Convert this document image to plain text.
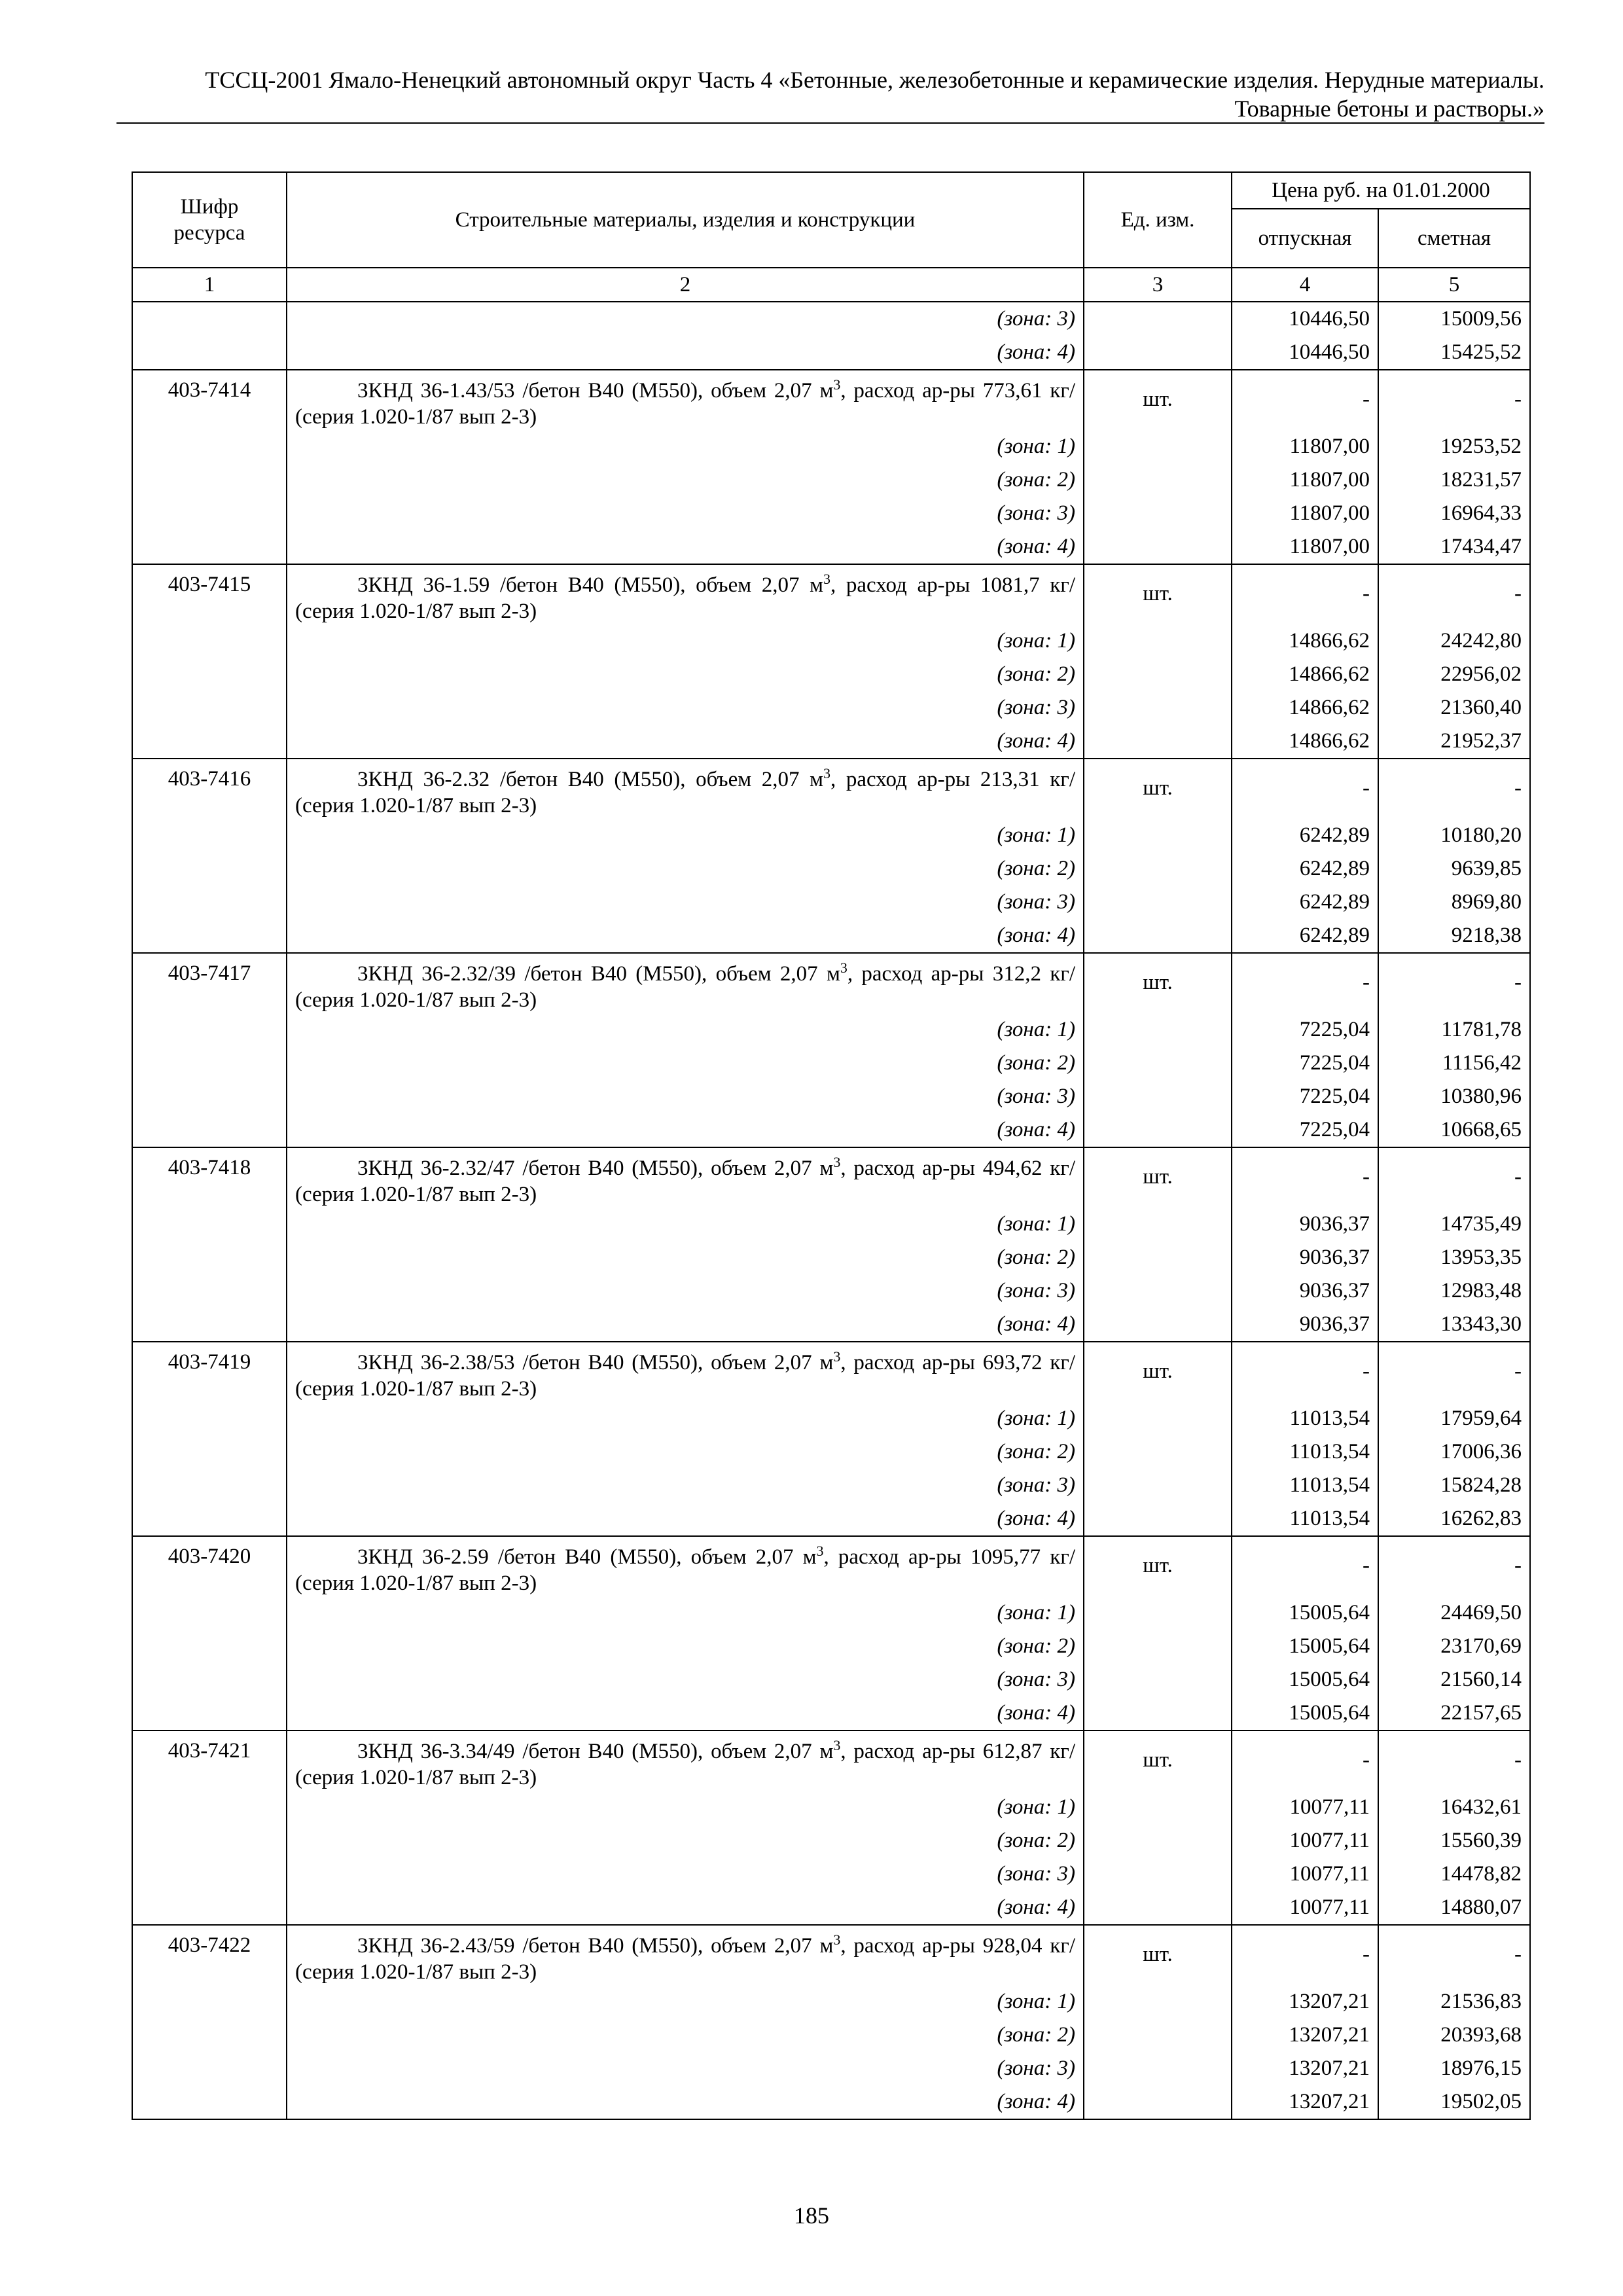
ТССЦ-2001 Ямало-Ненецкий автономный округ Часть 4 «Бетонные, железобетонные и керамические изделия. Нерудные материалы.
Товарные бетоны и растворы.»
Шифр ресурса	Строительные материалы, изделия и конструкции	Ед. изм.	Цена руб. на 01.01.2000	
			отпускная	сметная
1	2	3	4	5
	(зона: 3)		10446,50	15009,56
	(зона: 4)		10446,50	15425,52
403-7414	3КНД 36-1.43/53 /бетон В40 (М550), объем 2,07 $м^3$, расход ар-ры 773,61 кг/ (серия 1.020-1/87 вып 2-3)	шт.	-	-
	(зона: 1)		11807,00	19253,52
	(зона: 2)		11807,00	18231,57
	(зона: 3)		11807,00	16964,33
	(зона: 4)		11807,00	17434,47
403-7415	3КНД 36-1.59 /бетон В40 (М550), объем 2,07 $м^3$, расход ар-ры 1081,7 кг/ (серия 1.020-1/87 вып 2-3)	шт.	-	-
	(зона: 1)		14866,62	24242,80
	(зона: 2)		14866,62	22956,02
	(зона: 3)		14866,62	21360,40
	(зона: 4)		14866,62	21952,37
403-7416	3КНД 36-2.32 /бетон В40 (М550), объем 2,07 $м^3$, расход ар-ры 213,31 кг/ (серия 1.020-1/87 вып 2-3)	шт.	-	-
	(зона: 1)		6242,89	10180,20
	(зона: 2)		6242,89	9639,85
	(зона: 3)		6242,89	8969,80
	(зона: 4)		6242,89	9218,38
403-7417	3КНД 36-2.32/39 /бетон В40 (М550), объем 2,07 $м^3$, расход ар-ры 312,2 кг/ (серия 1.020-1/87 вып 2-3)	шт.	-	-
	(зона: 1)		7225,04	11781,78
	(зона: 2)		7225,04	11156,42
	(зона: 3)		7225,04	10380,96
	(зона: 4)		7225,04	10668,65
403-7418	3КНД 36-2.32/47 /бетон В40 (М550), объем 2,07 $м^3$, расход ар-ры 494,62 кг/ (серия 1.020-1/87 вып 2-3)	шт.	-	-
	(зона: 1)		9036,37	14735,49
	(зона: 2)		9036,37	13953,35
	(зона: 3)		9036,37	12983,48
	(зона: 4)		9036,37	13343,30
403-7419	3КНД 36-2.38/53 /бетон В40 (М550), объем 2,07 $м^3$, расход ар-ры 693,72 кг/ (серия 1.020-1/87 вып 2-3)	шт.	-	-
	(зона: 1)		11013,54	17959,64
	(зона: 2)		11013,54	17006,36
	(зона: 3)		11013,54	15824,28
	(зона: 4)		11013,54	16262,83
403-7420	3КНД 36-2.59 /бетон В40 (М550), объем 2,07 $м^3$, расход ар-ры 1095,77 кг/ (серия 1.020-1/87 вып 2-3)	шт.	-	-
	(зона: 1)		15005,64	24469,50
	(зона: 2)		15005,64	23170,69
	(зона: 3)		15005,64	21560,14
	(зона: 4)		15005,64	22157,65
403-7421	3КНД 36-3.34/49 /бетон В40 (М550), объем 2,07 $м^3$, расход ар-ры 612,87 кг/ (серия 1.020-1/87 вып 2-3)	шт.	-	-
	(зона: 1)		10077,11	16432,61
	(зона: 2)		10077,11	15560,39
	(зона: 3)		10077,11	14478,82
	(зона: 4)		10077,11	14880,07
403-7422	3КНД 36-2.43/59 /бетон В40 (М550), объем 2,07 $м^3$, расход ар-ры 928,04 кг/ (серия 1.020-1/87 вып 2-3)	шт.	-	-
	(зона: 1)		13207,21	21536,83
	(зона: 2)		13207,21	20393,68
	(зона: 3)		13207,21	18976,15
	(зона: 4)		13207,21	19502,05
185
